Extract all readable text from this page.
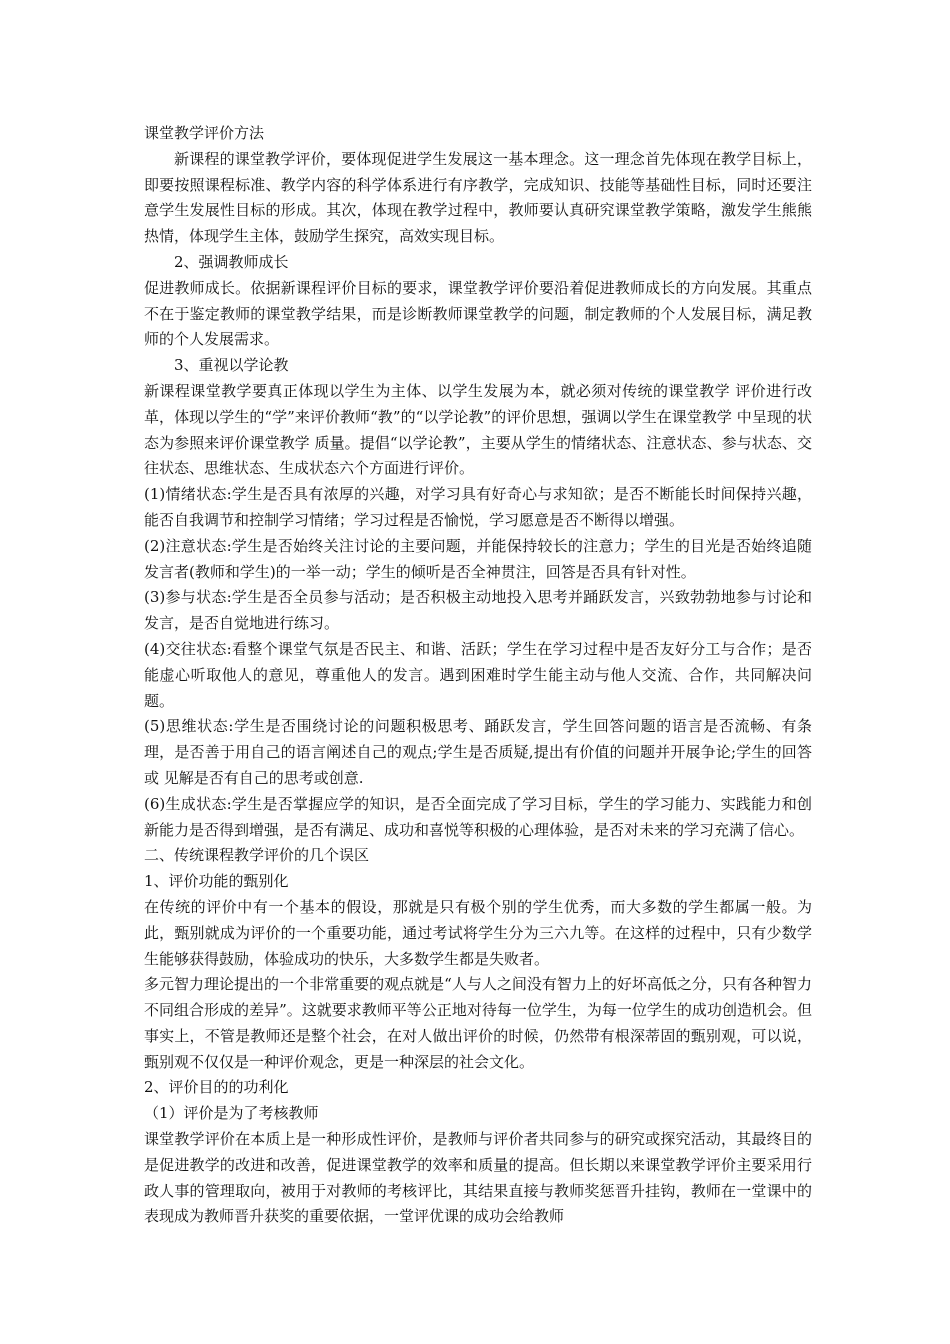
课堂教学评价方法

新课程的课堂教学评价，要体现促进学生发展这一基本理念。这一理念首先体现在教学目标上，即要按照课程标准、教学内容的科学体系进行有序教学，完成知识、技能等基础性目标，同时还要注意学生发展性目标的形成。其次，体现在教学过程中，教师要认真研究课堂教学策略，激发学生熊熊热情，体现学生主体，鼓励学生探究，高效实现目标。

2、强调教师成长

促进教师成长。依据新课程评价目标的要求，课堂教学评价要沿着促进教师成长的方向发展。其重点不在于鉴定教师的课堂教学结果，而是诊断教师课堂教学的问题，制定教师的个人发展目标，满足教师的个人发展需求。

3、重视以学论教

新课程课堂教学要真正体现以学生为主体、以学生发展为本，就必须对传统的课堂教学 评价进行改革，体现以学生的“学”来评价教师“教”的“以学论教”的评价思想，强调以学生在课堂教学 中呈现的状态为参照来评价课堂教学 质量。提倡“以学论教”，主要从学生的情绪状态、注意状态、参与状态、交往状态、思维状态、生成状态六个方面进行评价。

(1)情绪状态:学生是否具有浓厚的兴趣，对学习具有好奇心与求知欲；是否不断能长时间保持兴趣，能否自我调节和控制学习情绪；学习过程是否愉悦，学习愿意是否不断得以增强。

(2)注意状态:学生是否始终关注讨论的主要问题，并能保持较长的注意力；学生的目光是否始终追随发言者(教师和学生)的一举一动；学生的倾听是否全神贯注，回答是否具有针对性。

(3)参与状态:学生是否全员参与活动；是否积极主动地投入思考并踊跃发言，兴致勃勃地参与讨论和发言，是否自觉地进行练习。

(4)交往状态:看整个课堂气氛是否民主、和谐、活跃；学生在学习过程中是否友好分工与合作；是否能虚心听取他人的意见，尊重他人的发言。遇到困难时学生能主动与他人交流、合作，共同解决问题。

(5)思维状态:学生是否围绕讨论的问题积极思考、踊跃发言，学生回答问题的语言是否流畅、有条理，是否善于用自己的语言阐述自己的观点;学生是否质疑,提出有价值的问题并开展争论;学生的回答或 见解是否有自己的思考或创意.

(6)生成状态:学生是否掌握应学的知识，是否全面完成了学习目标，学生的学习能力、实践能力和创新能力是否得到增强，是否有满足、成功和喜悦等积极的心理体验，是否对未来的学习充满了信心。

二、传统课程教学评价的几个误区

1、评价功能的甄别化

在传统的评价中有一个基本的假设，那就是只有极个别的学生优秀，而大多数的学生都属一般。为此，甄别就成为评价的一个重要功能，通过考试将学生分为三六九等。在这样的过程中，只有少数学生能够获得鼓励，体验成功的快乐，大多数学生都是失败者。

多元智力理论提出的一个非常重要的观点就是“人与人之间没有智力上的好坏高低之分，只有各种智力不同组合形成的差异”。这就要求教师平等公正地对待每一位学生，为每一位学生的成功创造机会。但事实上，不管是教师还是整个社会，在对人做出评价的时候，仍然带有根深蒂固的甄别观，可以说，甄别观不仅仅是一种评价观念，更是一种深层的社会文化。

2、评价目的的功利化

（1）评价是为了考核教师

课堂教学评价在本质上是一种形成性评价，是教师与评价者共同参与的研究或探究活动，其最终目的是促进教学的改进和改善，促进课堂教学的效率和质量的提高。但长期以来课堂教学评价主要采用行政人事的管理取向，被用于对教师的考核评比，其结果直接与教师奖惩晋升挂钩，教师在一堂课中的表现成为教师晋升获奖的重要依据，一堂评优课的成功会给教师
